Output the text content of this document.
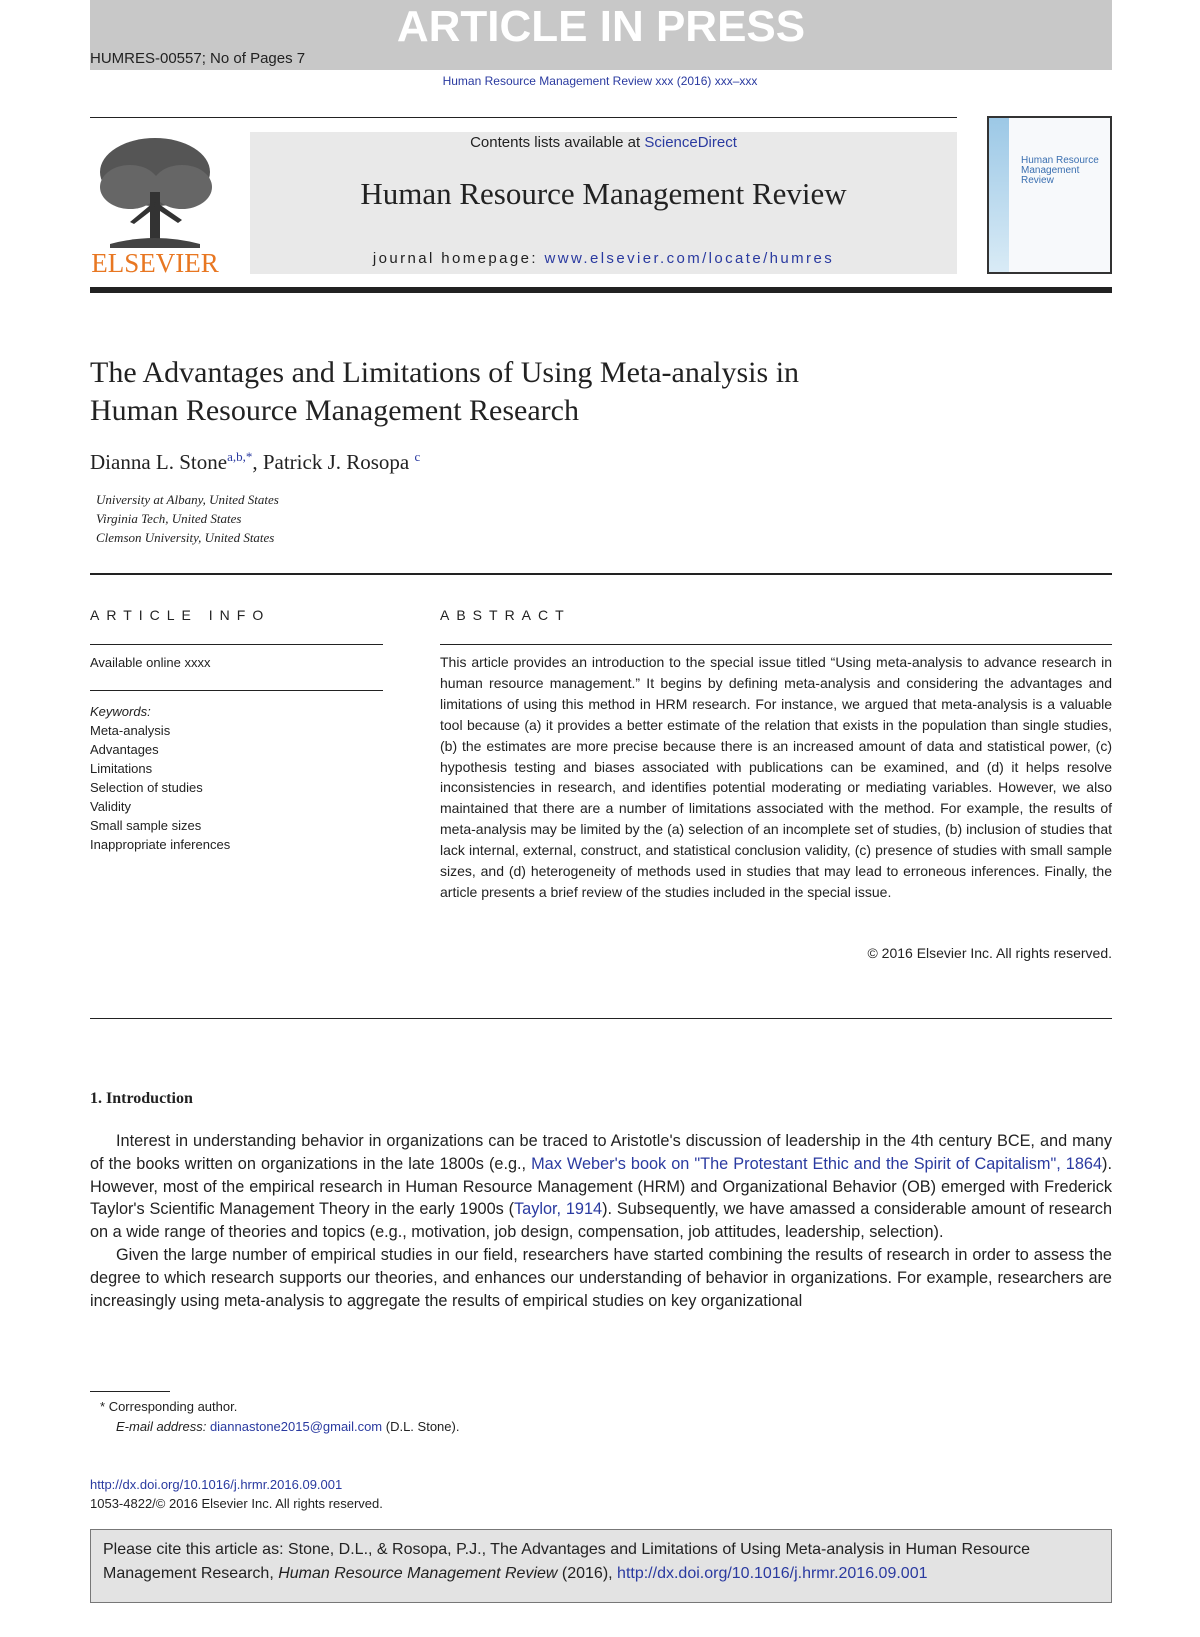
ARTICLE IN PRESS
HUMRES-00557; No of Pages 7
Human Resource Management Review xxx (2016) xxx–xxx
ELSEVIER
Contents lists available at ScienceDirect
Human Resource Management Review
journal homepage: www.elsevier.com/locate/humres
Human Resource Management Review
The Advantages and Limitations of Using Meta-analysis in
Human Resource Management Research
Dianna L. Stone$^{a,b,*}$, Patrick J. Rosopa $^c$
University at Albany, United States
Virginia Tech, United States
Clemson University, United States
ARTICLE INFO
Available online xxxx
Keywords:
Meta-analysis
Advantages
Limitations
Selection of studies
Validity
Small sample sizes
Inappropriate inferences
ABSTRACT
This article provides an introduction to the special issue titled “Using meta-analysis to advance research in human resource management.” It begins by defining meta-analysis and considering the advantages and limitations of using this method in HRM research. For instance, we argued that meta-analysis is a valuable tool because (a) it provides a better estimate of the relation that exists in the population than single studies, (b) the estimates are more precise because there is an increased amount of data and statistical power, (c) hypothesis testing and biases associated with publications can be examined, and (d) it helps resolve inconsistencies in research, and identifies potential moderating or mediating variables. However, we also maintained that there are a number of limitations associated with the method. For example, the results of meta-analysis may be limited by the (a) selection of an incomplete set of studies, (b) inclusion of studies that lack internal, external, construct, and statistical conclusion validity, (c) presence of studies with small sample sizes, and (d) heterogeneity of methods used in studies that may lead to erroneous inferences. Finally, the article presents a brief review of the studies included in the special issue.
© 2016 Elsevier Inc. All rights reserved.
1. Introduction

Interest in understanding behavior in organizations can be traced to Aristotle's discussion of leadership in the 4th century BCE, and many of the books written on organizations in the late 1800s (e.g., Max Weber's book on "The Protestant Ethic and the Spirit of Capitalism", 1864). However, most of the empirical research in Human Resource Management (HRM) and Organizational Behavior (OB) emerged with Frederick Taylor's Scientific Management Theory in the early 1900s (Taylor, 1914). Subsequently, we have amassed a considerable amount of research on a wide range of theories and topics (e.g., motivation, job design, compensation, job attitudes, leadership, selection).

Given the large number of empirical studies in our field, researchers have started combining the results of research in order to assess the degree to which research supports our theories, and enhances our understanding of behavior in organizations. For example, researchers are increasingly using meta-analysis to aggregate the results of empirical studies on key organizational

* Corresponding author.
E-mail address: diannastone2015@gmail.com (D.L. Stone).
http://dx.doi.org/10.1016/j.hrmr.2016.09.001
1053-4822/© 2016 Elsevier Inc. All rights reserved.
Please cite this article as: Stone, D.L., & Rosopa, P.J., The Advantages and Limitations of Using Meta-analysis in Human Resource Management Research, Human Resource Management Review (2016), http://dx.doi.org/10.1016/j.hrmr.2016.09.001
